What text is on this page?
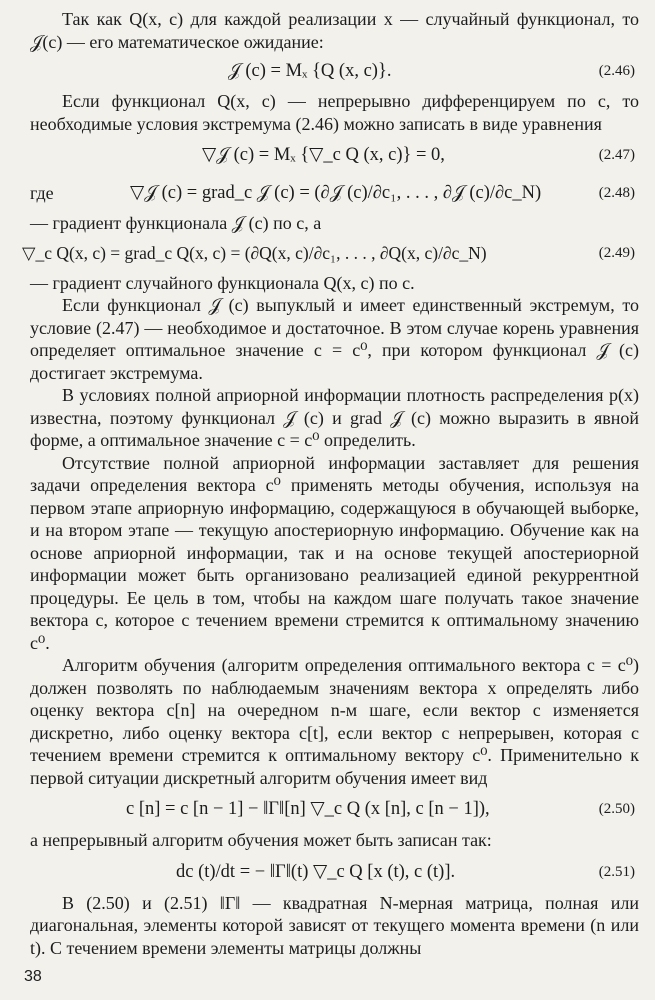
Так как Q(x, c) для каждой реализации x — случайный функционал, то 𝒥(c) — его математическое ожидание:

𝒥 (c) = Mₓ {Q (x, c)}.	(2.46)

Если функционал Q(x, c) — непрерывно дифференцируем по c, то необходимые условия экстремума (2.46) можно записать в виде уравнения

▽𝒥 (c) = Mₓ {▽_c Q (x, c)} = 0,	(2.47)
где	▽𝒥 (c) = grad_c 𝒥 (c) = (∂𝒥 (c)/∂c₁, . . . , ∂𝒥 (c)/∂c_N)	(2.48)

— градиент функционала 𝒥 (c) по c, а

▽_c Q(x, c) = grad_c Q(x, c) = (∂Q(x, c)/∂c₁, . . . , ∂Q(x, c)/∂c_N)	(2.49)

— градиент случайного функционала Q(x, c) по c.

Если функционал 𝒥 (c) выпуклый и имеет единственный экстремум, то условие (2.47) — необходимое и достаточное. В этом случае корень уравнения определяет оптимальное значение c = c⁰, при котором функционал 𝒥 (c) достигает экстремума.

В условиях полной априорной информации плотность распределения p(x) известна, поэтому функционал 𝒥 (c) и grad 𝒥 (c) можно выразить в явной форме, а оптимальное значение c = c⁰ определить.

Отсутствие полной априорной информации заставляет для решения задачи определения вектора c⁰ применять методы обучения, используя на первом этапе априорную информацию, содержащуюся в обучающей выборке, и на втором этапе — текущую апостериорную информацию. Обучение как на основе априорной информации, так и на основе текущей апостериорной информации может быть организовано реализацией единой рекуррентной процедуры. Ее цель в том, чтобы на каждом шаге получать такое значение вектора c, которое с течением времени стремится к оптимальному значению c⁰.

Алгоритм обучения (алгоритм определения оптимального вектора c = c⁰) должен позволять по наблюдаемым значениям вектора x определять либо оценку вектора c[n] на очередном n-м шаге, если вектор c изменяется дискретно, либо оценку вектора c[t], если вектор c непрерывен, которая с течением времени стремится к оптимальному вектору c⁰. Применительно к первой ситуации дискретный алгоритм обучения имеет вид

c [n] = c [n − 1] − ‖Γ‖[n] ▽_c Q (x [n], c [n − 1]),	(2.50)

а непрерывный алгоритм обучения может быть записан так:

dc (t)/dt = − ‖Γ‖(t) ▽_c Q [x (t), c (t)].	(2.51)

В (2.50) и (2.51) ‖Γ‖ — квадратная N-мерная матрица, полная или диагональная, элементы которой зависят от текущего момента времени (n или t). С течением времени элементы матрицы должны

38
